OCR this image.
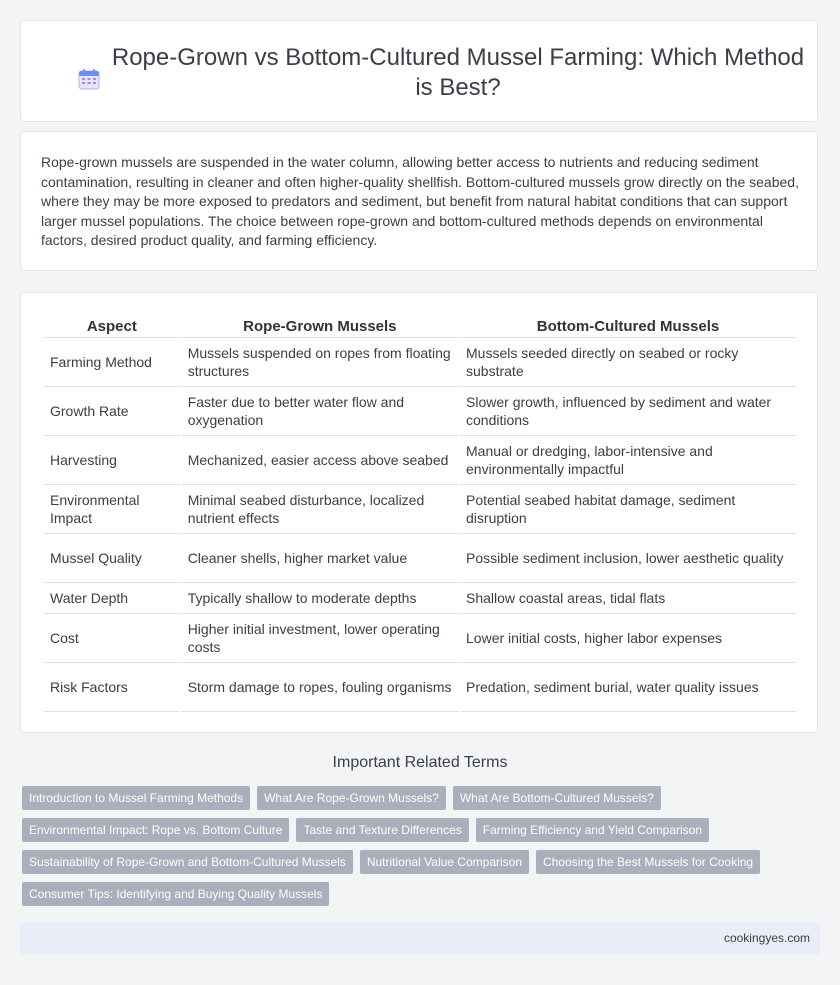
Rope-Grown vs Bottom-Cultured Mussel Farming: Which Method is Best?

Rope-grown mussels are suspended in the water column, allowing better access to nutrients and reducing sediment contamination, resulting in cleaner and often higher-quality shellfish. Bottom-cultured mussels grow directly on the seabed, where they may be more exposed to predators and sediment, but benefit from natural habitat conditions that can support larger mussel populations. The choice between rope-grown and bottom-cultured methods depends on environmental factors, desired product quality, and farming efficiency.

Aspect	Rope-Grown Mussels	Bottom-Cultured Mussels
Farming Method	Mussels suspended on ropes from floating structures	Mussels seeded directly on seabed or rocky substrate
Growth Rate	Faster due to better water flow and oxygenation	Slower growth, influenced by sediment and water conditions
Harvesting	Mechanized, easier access above seabed	Manual or dredging, labor-intensive and environmentally impactful
Environmental Impact	Minimal seabed disturbance, localized nutrient effects	Potential seabed habitat damage, sediment disruption
Mussel Quality	Cleaner shells, higher market value	Possible sediment inclusion, lower aesthetic quality
Water Depth	Typically shallow to moderate depths	Shallow coastal areas, tidal flats
Cost	Higher initial investment, lower operating costs	Lower initial costs, higher labor expenses
Risk Factors	Storm damage to ropes, fouling organisms	Predation, sediment burial, water quality issues
Important Related Terms
Introduction to Mussel Farming Methods	What Are Rope-Grown Mussels?	What Are Bottom-Cultured Mussels?
Environmental Impact: Rope vs. Bottom Culture	Taste and Texture Differences	Farming Efficiency and Yield Comparison
Sustainability of Rope-Grown and Bottom-Cultured Mussels	Nutritional Value Comparison	Choosing the Best Mussels for Cooking
Consumer Tips: Identifying and Buying Quality Mussels
cookingyes.com
